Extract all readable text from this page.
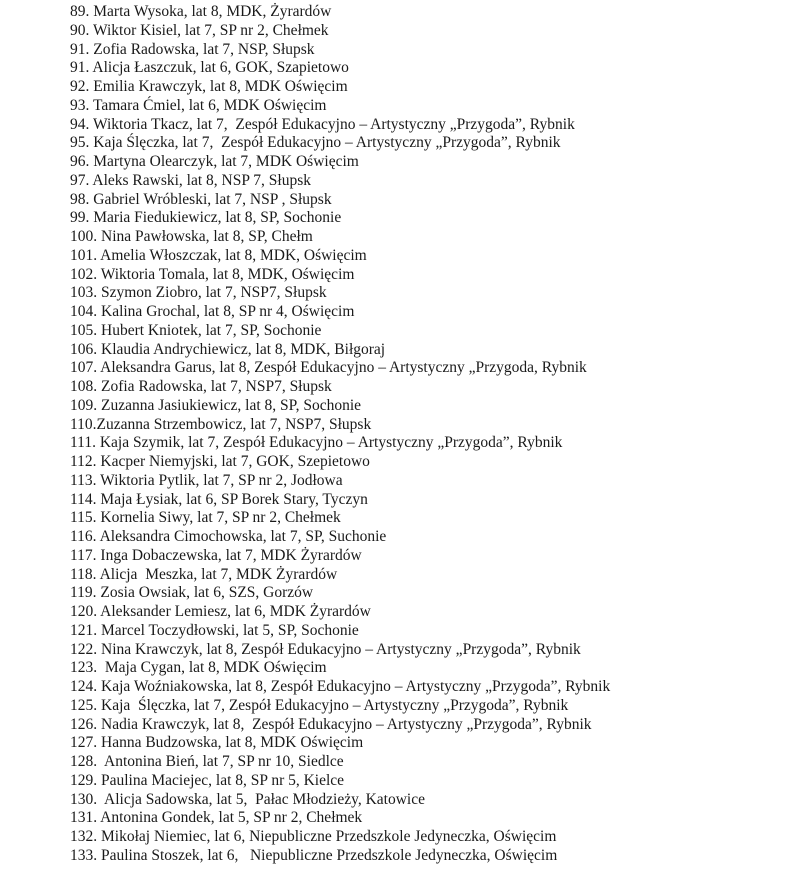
89. Marta Wysoka, lat 8, MDK, Żyrardów
90. Wiktor Kisiel, lat 7, SP nr 2, Chełmek
91. Zofia Radowska, lat 7, NSP, Słupsk
91. Alicja Łaszczuk, lat 6, GOK, Szapietowo
92. Emilia Krawczyk, lat 8, MDK Oświęcim
93. Tamara Ćmiel, lat 6, MDK Oświęcim
94. Wiktoria Tkacz, lat 7,  Zespół Edukacyjno – Artystyczny „Przygoda”, Rybnik
95. Kaja Ślęczka, lat 7,  Zespół Edukacyjno – Artystyczny „Przygoda”, Rybnik
96. Martyna Olearczyk, lat 7, MDK Oświęcim
97. Aleks Rawski, lat 8, NSP 7, Słupsk
98. Gabriel Wróbleski, lat 7, NSP , Słupsk
99. Maria Fiedukiewicz, lat 8, SP, Sochonie
100. Nina Pawłowska, lat 8, SP, Chełm
101. Amelia Włoszczak, lat 8, MDK, Oświęcim
102. Wiktoria Tomala, lat 8, MDK, Oświęcim
103. Szymon Ziobro, lat 7, NSP7, Słupsk
104. Kalina Grochal, lat 8, SP nr 4, Oświęcim
105. Hubert Kniotek, lat 7, SP, Sochonie
106. Klaudia Andrychiewicz, lat 8, MDK, Biłgoraj
107. Aleksandra Garus, lat 8, Zespół Edukacyjno – Artystyczny „Przygoda, Rybnik
108. Zofia Radowska, lat 7, NSP7, Słupsk
109. Zuzanna Jasiukiewicz, lat 8, SP, Sochonie
110.Zuzanna Strzembowicz, lat 7, NSP7, Słupsk
111. Kaja Szymik, lat 7, Zespół Edukacyjno – Artystyczny „Przygoda”, Rybnik
112. Kacper Niemyjski, lat 7, GOK, Szepietowo
113. Wiktoria Pytlik, lat 7, SP nr 2, Jodłowa
114. Maja Łysiak, lat 6, SP Borek Stary, Tyczyn
115. Kornelia Siwy, lat 7, SP nr 2, Chełmek
116. Aleksandra Cimochowska, lat 7, SP, Suchonie
117. Inga Dobaczewska, lat 7, MDK Żyrardów
118. Alicja  Meszka, lat 7, MDK Żyrardów
119. Zosia Owsiak, lat 6, SZS, Gorzów
120. Aleksander Lemiesz, lat 6, MDK Żyrardów
121. Marcel Toczydłowski, lat 5, SP, Sochonie
122. Nina Krawczyk, lat 8, Zespół Edukacyjno – Artystyczny „Przygoda”, Rybnik
123.  Maja Cygan, lat 8, MDK Oświęcim
124. Kaja Woźniakowska, lat 8, Zespół Edukacyjno – Artystyczny „Przygoda”, Rybnik
125. Kaja  Ślęczka, lat 7, Zespół Edukacyjno – Artystyczny „Przygoda”, Rybnik
126. Nadia Krawczyk, lat 8,  Zespół Edukacyjno – Artystyczny „Przygoda”, Rybnik
127. Hanna Budzowska, lat 8, MDK Oświęcim
128.  Antonina Bień, lat 7, SP nr 10, Siedlce
129. Paulina Maciejec, lat 8, SP nr 5, Kielce
130.  Alicja Sadowska, lat 5,  Pałac Młodzieży, Katowice
131. Antonina Gondek, lat 5, SP nr 2, Chełmek
132. Mikołaj Niemiec, lat 6, Niepubliczne Przedszkole Jedyneczka, Oświęcim
133. Paulina Stoszek, lat 6,   Niepubliczne Przedszkole Jedyneczka, Oświęcim
